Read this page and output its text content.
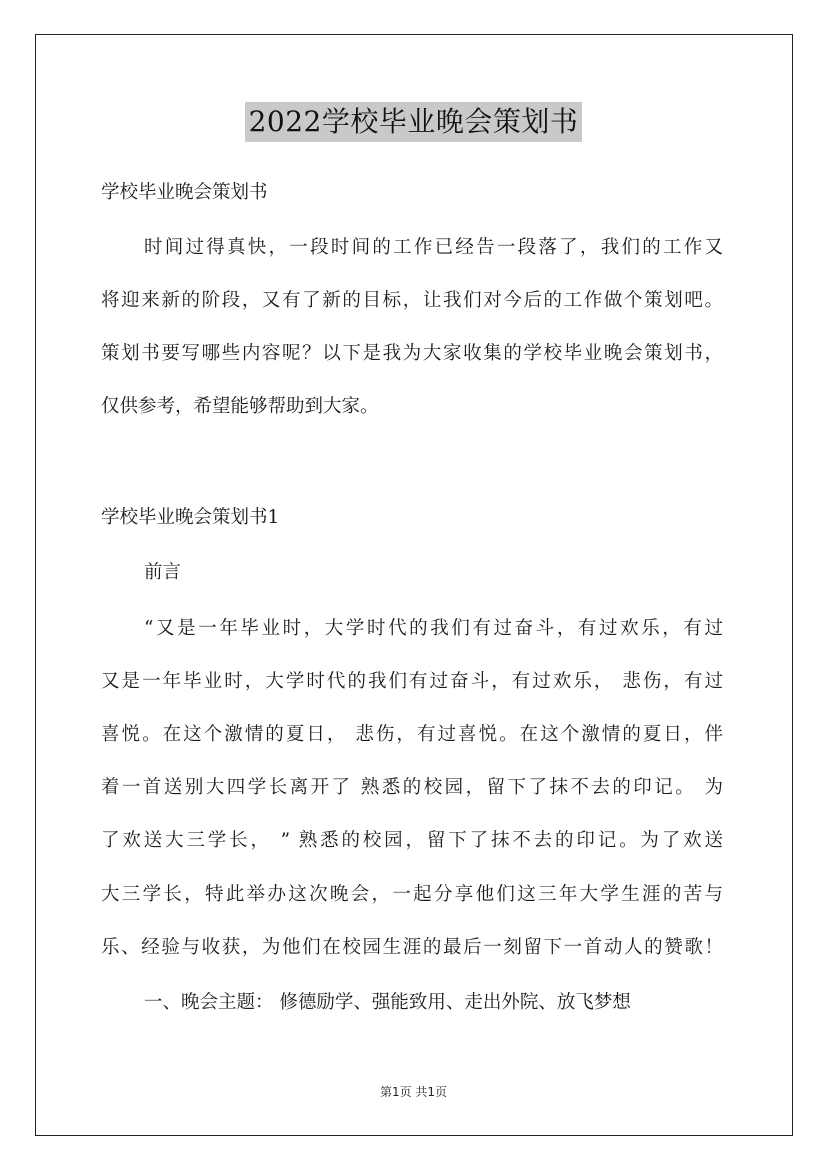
2022学校毕业晚会策划书
学校毕业晚会策划书
时间过得真快，一段时间的工作已经告一段落了，我们的工作又
将迎来新的阶段，又有了新的目标，让我们对今后的工作做个策划吧。
策划书要写哪些内容呢？以下是我为大家收集的学校毕业晚会策划书，
仅供参考，希望能够帮助到大家。
学校毕业晚会策划书1
前言
“又是一年毕业时，大学时代的我们有过奋斗，有过欢乐，有过
又是一年毕业时，大学时代的我们有过奋斗，有过欢乐， 悲伤，有过
喜悦。在这个激情的夏日， 悲伤，有过喜悦。在这个激情的夏日，伴
着一首送别大四学长离开了 熟悉的校园，留下了抹不去的印记。 为
了欢送大三学长， ” 熟悉的校园，留下了抹不去的印记。为了欢送
大三学长，特此举办这次晚会，一起分享他们这三年大学生涯的苦与
乐、经验与收获，为他们在校园生涯的最后一刻留下一首动人的赞歌！
一、晚会主题： 修德励学、强能致用、走出外院、放飞梦想
第1页 共1页
